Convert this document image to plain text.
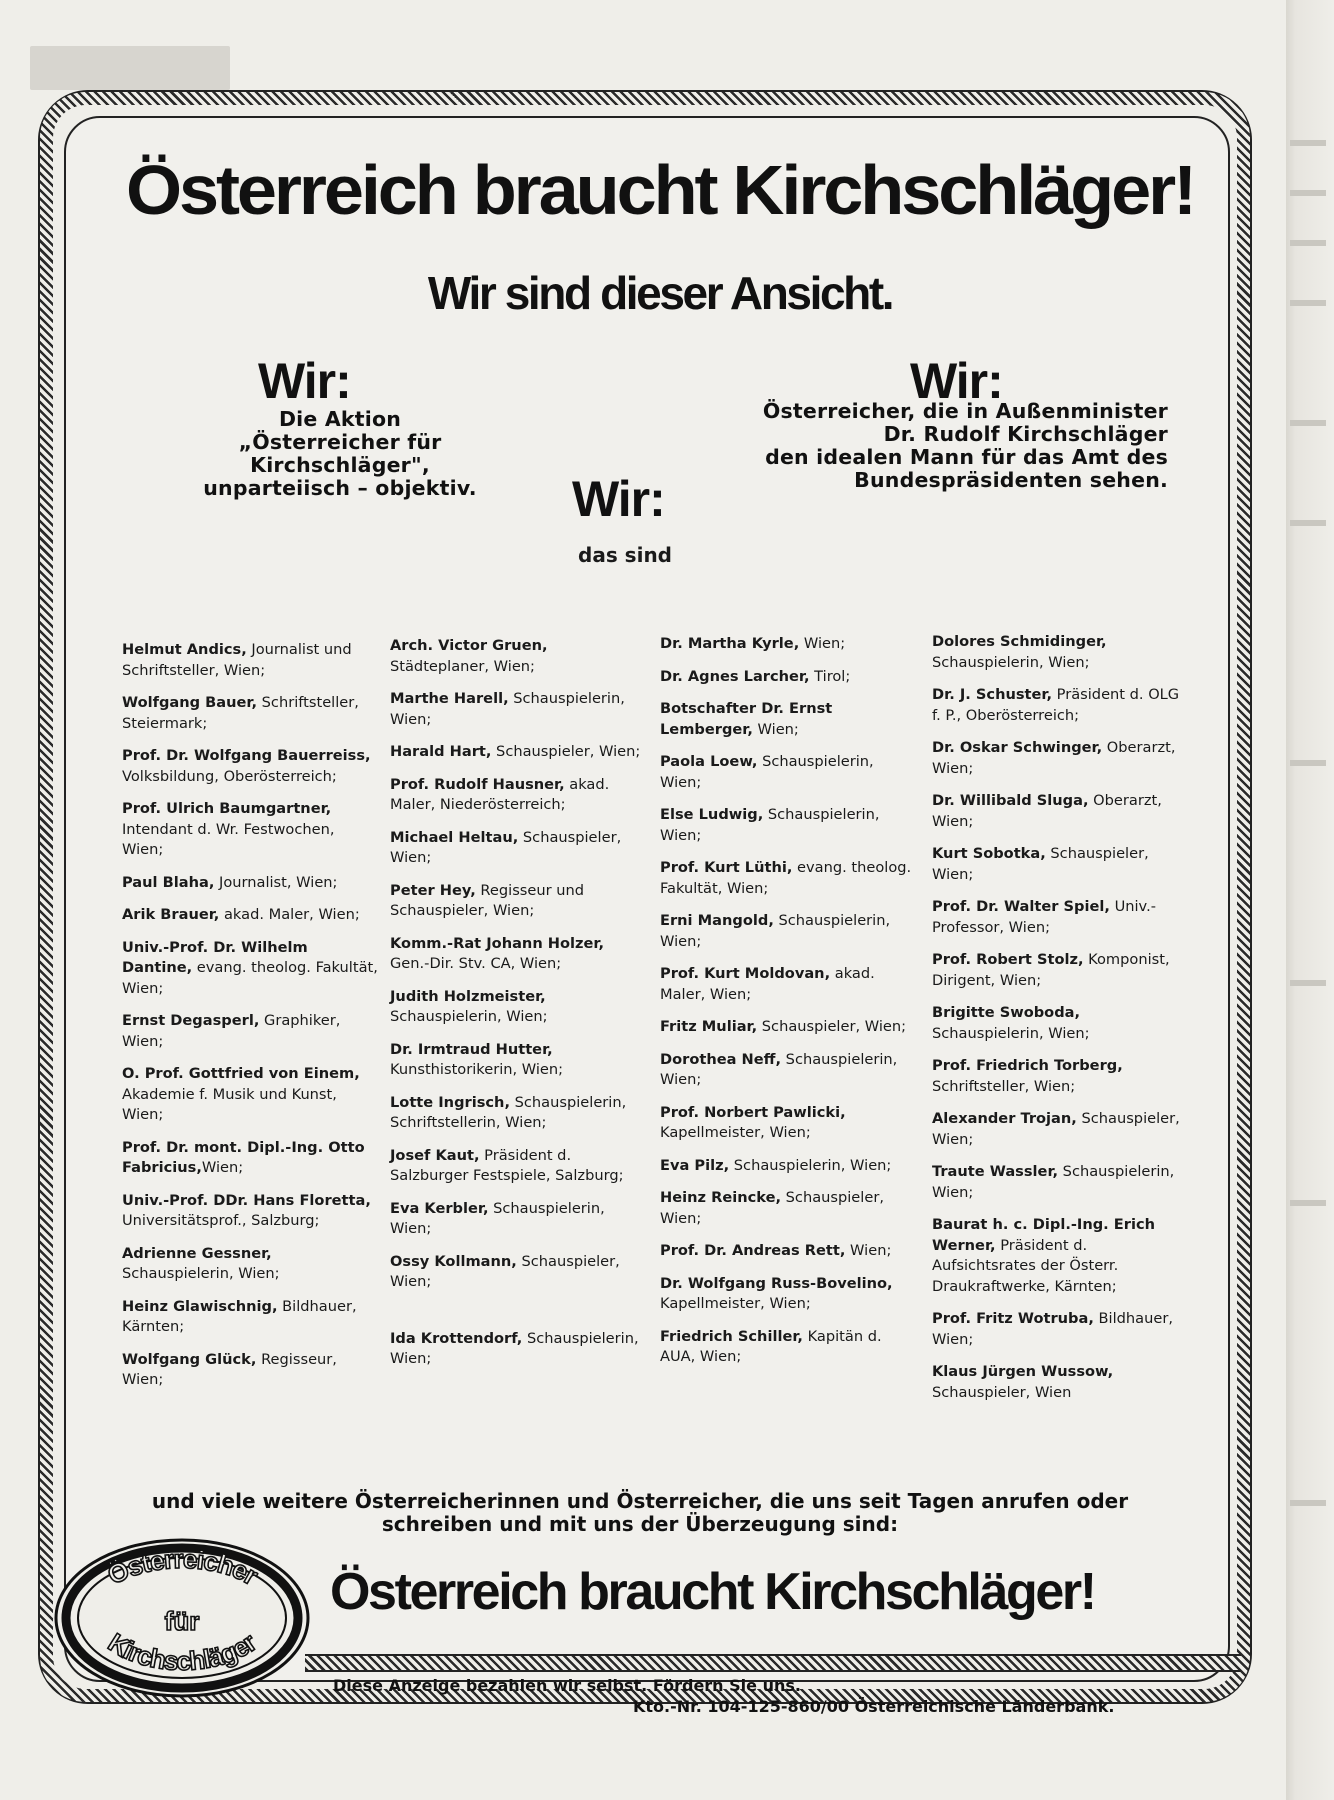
Österreich braucht Kirchschläger!
Wir sind dieser Ansicht.
Wir:
Die Aktion
„Österreicher für Kirchschläger",
unparteiisch – objektiv.
Wir:
Österreicher, die in Außenminister
Dr. Rudolf Kirchschläger
den idealen Mann für das Amt des
Bundespräsidenten sehen.
Wir:
das sind
Helmut Andics, Journalist und Schriftsteller, Wien;
Wolfgang Bauer, Schriftsteller, Steiermark;
Prof. Dr. Wolfgang Bauerreiss, Volksbildung, Oberösterreich;
Prof. Ulrich Baumgartner, Intendant d. Wr. Festwochen, Wien;
Paul Blaha, Journalist, Wien;
Arik Brauer, akad. Maler, Wien;
Univ.-Prof. Dr. Wilhelm Dantine, evang. theolog. Fakultät, Wien;
Ernst Degasperl, Graphiker, Wien;
O. Prof. Gottfried von Einem, Akademie f. Musik und Kunst, Wien;
Prof. Dr. mont. Dipl.-Ing. Otto Fabricius,Wien;
Univ.-Prof. DDr. Hans Floretta, Universitätsprof., Salzburg;
Adrienne Gessner, Schauspielerin, Wien;
Heinz Glawischnig, Bildhauer, Kärnten;
Wolfgang Glück, Regisseur, Wien;
Arch. Victor Gruen, Städteplaner, Wien;
Marthe Harell, Schauspielerin, Wien;
Harald Hart, Schauspieler, Wien;
Prof. Rudolf Hausner, akad. Maler, Niederösterreich;
Michael Heltau, Schauspieler, Wien;
Peter Hey, Regisseur und Schauspieler, Wien;
Komm.-Rat Johann Holzer, Gen.-Dir. Stv. CA, Wien;
Judith Holzmeister, Schauspielerin, Wien;
Dr. Irmtraud Hutter, Kunsthistorikerin, Wien;
Lotte Ingrisch, Schauspielerin, Schriftstellerin, Wien;
Josef Kaut, Präsident d. Salzburger Festspiele, Salzburg;
Eva Kerbler, Schauspielerin, Wien;
Ossy Kollmann, Schauspieler, Wien;
Ida Krottendorf, Schauspielerin, Wien;
Dr. Martha Kyrle, Wien;
Dr. Agnes Larcher, Tirol;
Botschafter Dr. Ernst Lemberger, Wien;
Paola Loew, Schauspielerin, Wien;
Else Ludwig, Schauspielerin, Wien;
Prof. Kurt Lüthi, evang. theolog. Fakultät, Wien;
Erni Mangold, Schauspielerin, Wien;
Prof. Kurt Moldovan, akad. Maler, Wien;
Fritz Muliar, Schauspieler, Wien;
Dorothea Neff, Schauspielerin, Wien;
Prof. Norbert Pawlicki, Kapellmeister, Wien;
Eva Pilz, Schauspielerin, Wien;
Heinz Reincke, Schauspieler, Wien;
Prof. Dr. Andreas Rett, Wien;
Dr. Wolfgang Russ-Bovelino, Kapellmeister, Wien;
Friedrich Schiller, Kapitän d. AUA, Wien;
Dolores Schmidinger, Schauspielerin, Wien;
Dr. J. Schuster, Präsident d. OLG f. P., Oberösterreich;
Dr. Oskar Schwinger, Oberarzt, Wien;
Dr. Willibald Sluga, Oberarzt, Wien;
Kurt Sobotka, Schauspieler, Wien;
Prof. Dr. Walter Spiel, Univ.-Professor, Wien;
Prof. Robert Stolz, Komponist, Dirigent, Wien;
Brigitte Swoboda, Schauspielerin, Wien;
Prof. Friedrich Torberg, Schriftsteller, Wien;
Alexander Trojan, Schauspieler, Wien;
Traute Wassler, Schauspielerin, Wien;
Baurat h. c. Dipl.-Ing. Erich Werner, Präsident d. Aufsichtsrates der Österr. Draukraftwerke, Kärnten;
Prof. Fritz Wotruba, Bildhauer, Wien;
Klaus Jürgen Wussow, Schauspieler, Wien
und viele weitere Österreicherinnen und Österreicher, die uns seit Tagen anrufen oder
schreiben und mit uns der Überzeugung sind:
Österreicher
für
Kirchschläger
Österreich braucht Kirchschläger!
Diese Anzeige bezahlen wir selbst. Fördern Sie uns.
Kto.-Nr. 104-125-860/00 Österreichische Länderbank.
